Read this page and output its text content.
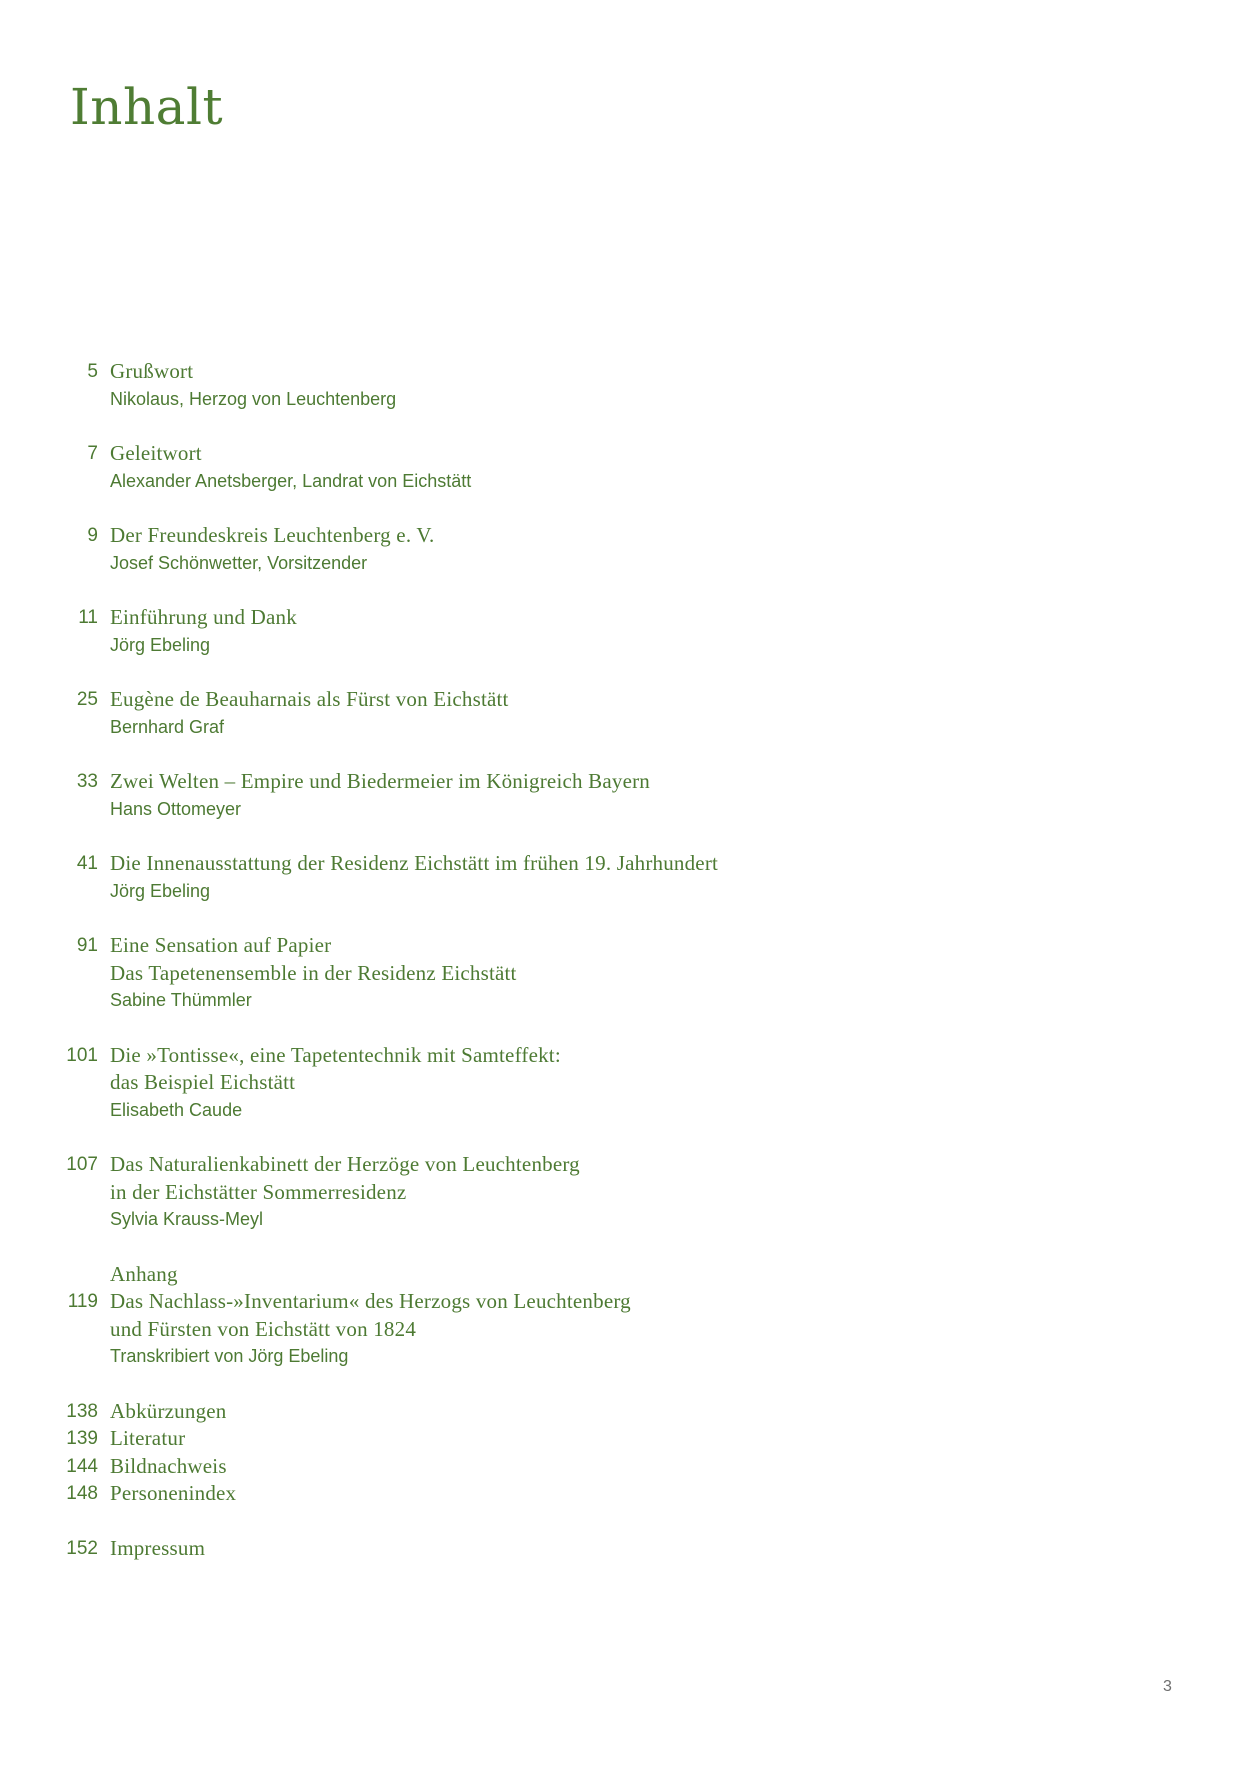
Inhalt
5 Grußwort
Nikolaus, Herzog von Leuchtenberg
7 Geleitwort
Alexander Anetsberger, Landrat von Eichstätt
9 Der Freundeskreis Leuchtenberg e. V.
Josef Schönwetter, Vorsitzender
11 Einführung und Dank
Jörg Ebeling
25 Eugène de Beauharnais als Fürst von Eichstätt
Bernhard Graf
33 Zwei Welten – Empire und Biedermeier im Königreich Bayern
Hans Ottomeyer
41 Die Innenausstattung der Residenz Eichstätt im frühen 19. Jahrhundert
Jörg Ebeling
91 Eine Sensation auf Papier
Das Tapetenensemble in der Residenz Eichstätt
Sabine Thümmler
101 Die »Tontisse«, eine Tapetentechnik mit Samteffekt:
das Beispiel Eichstätt
Elisabeth Caude
107 Das Naturalienkabinett der Herzöge von Leuchtenberg
in der Eichstätter Sommerresidenz
Sylvia Krauss-Meyl
Anhang
119 Das Nachlass-»Inventarium« des Herzogs von Leuchtenberg
und Fürsten von Eichstätt von 1824
Transkribiert von Jörg Ebeling
138 Abkürzungen
139 Literatur
144 Bildnachweis
148 Personenindex
152 Impressum
3
